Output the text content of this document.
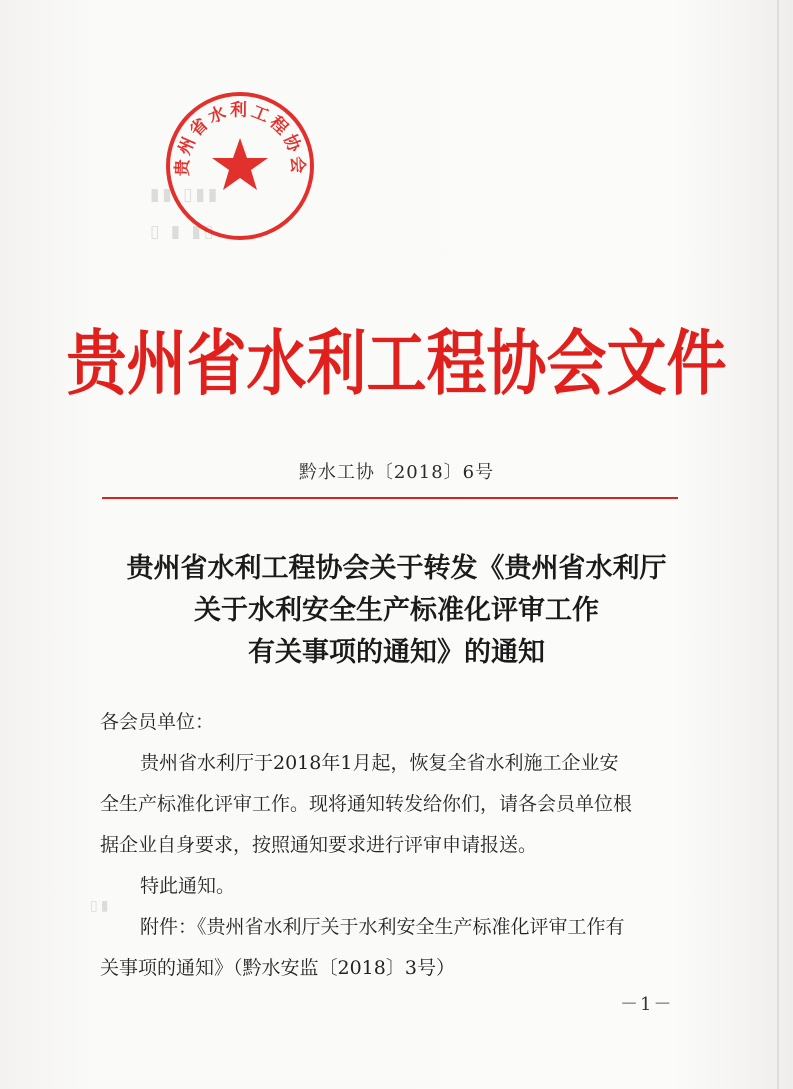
▮▮ ▯▮▮
▯ ▮ ▮▯
▯▮
贵州省水利工程协会
贵州省水利工程协会文件
黔水工协〔2018〕6号
贵州省水利工程协会关于转发《贵州省水利厅
关于水利安全生产标准化评审工作
有关事项的通知》的通知

各会员单位：

贵州省水利厅于2018年1月起，恢复全省水利施工企业安

全生产标准化评审工作。现将通知转发给你们，请各会员单位根

据企业自身要求，按照通知要求进行评审申请报送。

特此通知。

附件：《贵州省水利厅关于水利安全生产标准化评审工作有

关事项的通知》（黔水安监〔2018〕3号）

－1－
